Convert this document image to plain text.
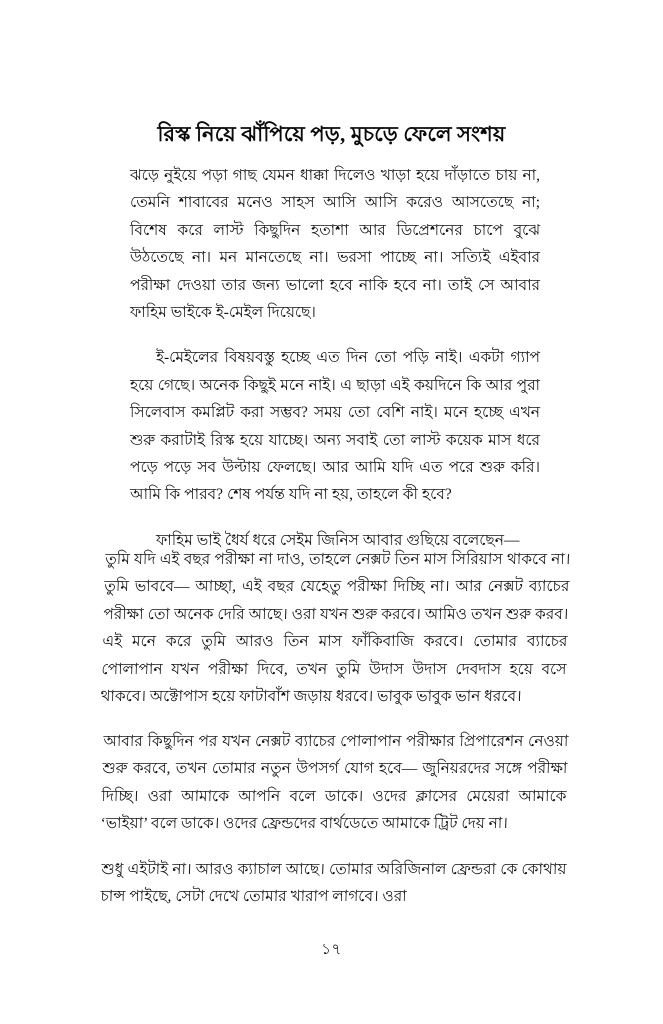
রিস্ক নিয়ে ঝাঁপিয়ে পড়, মুচড়ে ফেলে সংশয়

ঝড়ে নুইয়ে পড়া গাছ যেমন ধাক্কা দিলেও খাড়া হয়ে দাঁড়াতে চায় না, তেমনি শাবাবের মনেও সাহস আসি আসি করেও আসতেছে না; বিশেষ করে লাস্ট কিছুদিন হতাশা আর ডিপ্রেশনের চাপে বুঝে উঠতেছে না। মন মানতেছে না। ভরসা পাচ্ছে না। সত্যিই এইবার পরীক্ষা দেওয়া তার জন্য ভালো হবে নাকি হবে না। তাই সে আবার ফাহিম ভাইকে ই-মেইল দিয়েছে।

ই-মেইলের বিষয়বস্তু হচ্ছে এত দিন তো পড়ি নাই। একটা গ্যাপ হয়ে গেছে। অনেক কিছুই মনে নাই। এ ছাড়া এই কয়দিনে কি আর পুরা সিলেবাস কমপ্লিট করা সম্ভব? সময় তো বেশি নাই। মনে হচ্ছে এখন শুরু করাটাই রিস্ক হয়ে যাচ্ছে। অন্য সবাই তো লাস্ট কয়েক মাস ধরে পড়ে পড়ে সব উল্টায় ফেলছে। আর আমি যদি এত পরে শুরু করি। আমি কি পারব? শেষ পর্যন্ত যদি না হয়, তাহলে কী হবে?

ফাহিম ভাই ধৈর্য ধরে সেইম জিনিস আবার গুছিয়ে বলেছেন—

তুমি যদি এই বছর পরীক্ষা না দাও, তাহলে নেক্সট তিন মাস সিরিয়াস থাকবে না। তুমি ভাববে— আচ্ছা, এই বছর যেহেতু পরীক্ষা দিচ্ছি না। আর নেক্সট ব্যাচের পরীক্ষা তো অনেক দেরি আছে। ওরা যখন শুরু করবে। আমিও তখন শুরু করব। এই মনে করে তুমি আরও তিন মাস ফাঁকিবাজি করবে। তোমার ব্যাচের পোলাপান যখন পরীক্ষা দিবে, তখন তুমি উদাস উদাস দেবদাস হয়ে বসে থাকবে। অক্টোপাস হয়ে ফাটাবাঁশ জড়ায় ধরবে। ভাবুক ভাবুক ভান ধরবে।

আবার কিছুদিন পর যখন নেক্সট ব্যাচের পোলাপান পরীক্ষার প্রিপারেশন নেওয়া শুরু করবে, তখন তোমার নতুন উপসর্গ যোগ হবে— জুনিয়রদের সঙ্গে পরীক্ষা দিচ্ছি। ওরা আমাকে আপনি বলে ডাকে। ওদের ক্লাসের মেয়েরা আমাকে ‘ভাইয়া’ বলে ডাকে। ওদের ফ্রেন্ডদের বার্থডেতে আমাকে ট্রিট দেয় না।

শুধু এইটাই না। আরও ক্যাচাল আছে। তোমার অরিজিনাল ফ্রেন্ডরা কে কোথায় চান্স পাইছে, সেটা দেখে তোমার খারাপ লাগবে। ওরা

১৭
